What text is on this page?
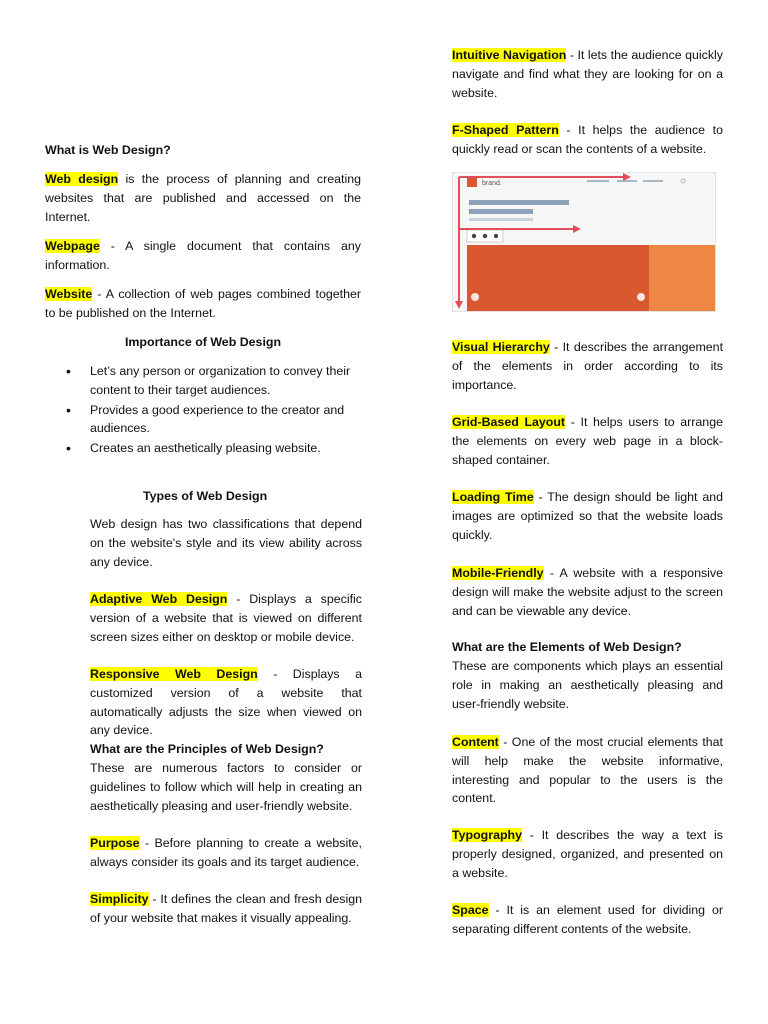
What is Web Design?

Web design is the process of planning and creating websites that are published and accessed on the Internet.

Webpage - A single document that contains any information.

Website - A collection of web pages combined together to be published on the Internet.

Importance of Web Design

• Let’s any person or organization to convey their content to their target audiences.
• Provides a good experience to the creator and audiences.
• Creates an aesthetically pleasing website.

Types of Web Design

Web design has two classifications that depend on the website's style and its view ability across any device.

Adaptive Web Design - Displays a specific version of a website that is viewed on different screen sizes either on desktop or mobile device.

Responsive Web Design - Displays a customized version of a website that automatically adjusts the size when viewed on any device.

What are the Principles of Web Design?

These are numerous factors to consider or guidelines to follow which will help in creating an aesthetically pleasing and user-friendly website.

Purpose - Before planning to create a website, always consider its goals and its target audience.

Simplicity - It defines the clean and fresh design of your website that makes it visually appealing.

Intuitive Navigation - It lets the audience quickly navigate and find what they are looking for on a website.

F-Shaped Pattern - It helps the audience to quickly read or scan the contents of a website.

brand.

Visual Hierarchy - It describes the arrangement of the elements in order according to its importance.

Grid-Based Layout - It helps users to arrange the elements on every web page in a block-shaped container.

Loading Time - The design should be light and images are optimized so that the website loads quickly.

Mobile-Friendly - A website with a responsive design will make the website adjust to the screen and can be viewable any device.

What are the Elements of Web Design?

These are components which plays an essential role in making an aesthetically pleasing and user-friendly website.

Content - One of the most crucial elements that will help make the website informative, interesting and popular to the users is the content.

Typography - It describes the way a text is properly designed, organized, and presented on a website.

Space - It is an element used for dividing or separating different contents of the website.
